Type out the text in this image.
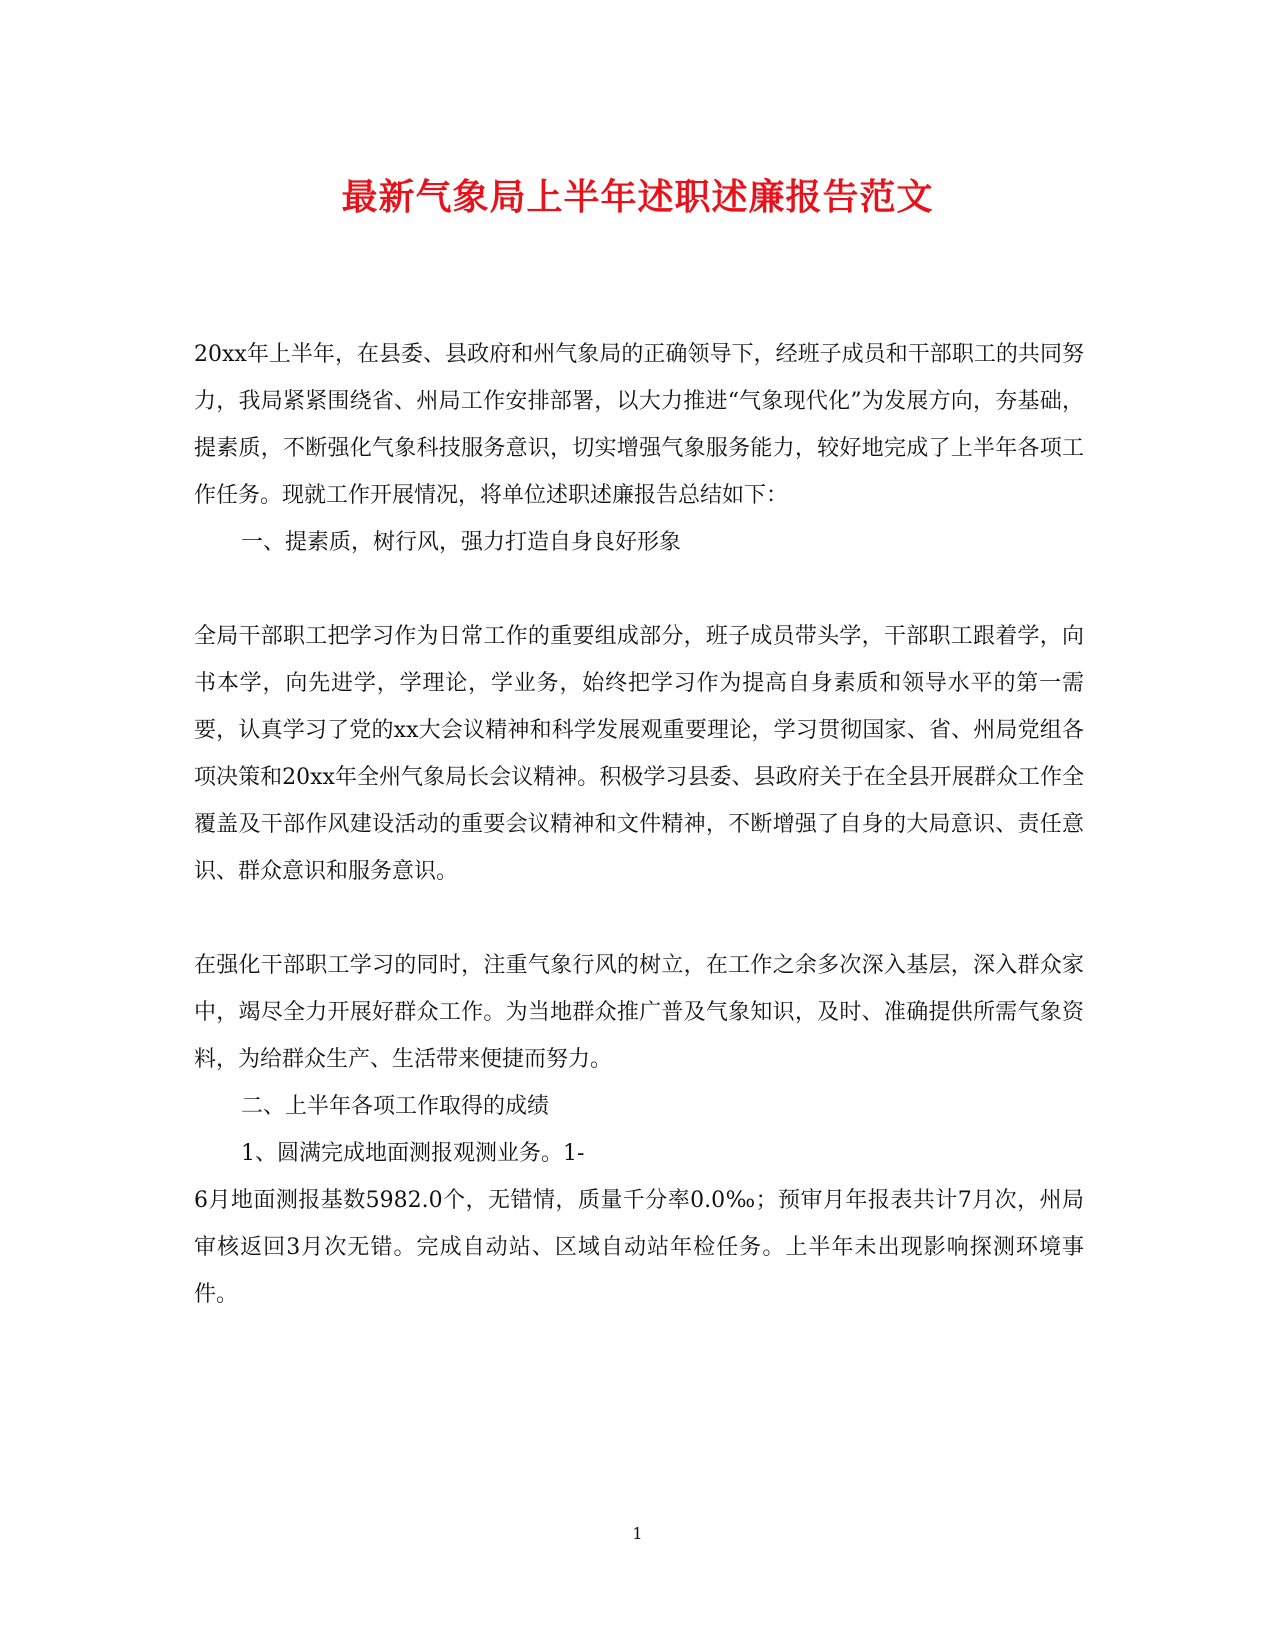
最新气象局上半年述职述廉报告范文

20xx年上半年，在县委、县政府和州气象局的正确领导下，经班子成员和干部职工的共同努力，我局紧紧围绕省、州局工作安排部署，以大力推进“气象现代化”为发展方向，夯基础，提素质，不断强化气象科技服务意识，切实增强气象服务能力，较好地完成了上半年各项工作任务。现就工作开展情况，将单位述职述廉报告总结如下：

一、提素质，树行风，强力打造自身良好形象

全局干部职工把学习作为日常工作的重要组成部分，班子成员带头学，干部职工跟着学，向书本学，向先进学，学理论，学业务，始终把学习作为提高自身素质和领导水平的第一需要，认真学习了党的xx大会议精神和科学发展观重要理论，学习贯彻国家、省、州局党组各项决策和20xx年全州气象局长会议精神。积极学习县委、县政府关于在全县开展群众工作全覆盖及干部作风建设活动的重要会议精神和文件精神，不断增强了自身的大局意识、责任意识、群众意识和服务意识。

在强化干部职工学习的同时，注重气象行风的树立，在工作之余多次深入基层，深入群众家中，竭尽全力开展好群众工作。为当地群众推广普及气象知识，及时、准确提供所需气象资料，为给群众生产、生活带来便捷而努力。

二、上半年各项工作取得的成绩

1、圆满完成地面测报观测业务。1-

6月地面测报基数5982.0个，无错情，质量千分率0.0‰；预审月年报表共计7月次，州局审核返回3月次无错。完成自动站、区域自动站年检任务。上半年未出现影响探测环境事件。

1
